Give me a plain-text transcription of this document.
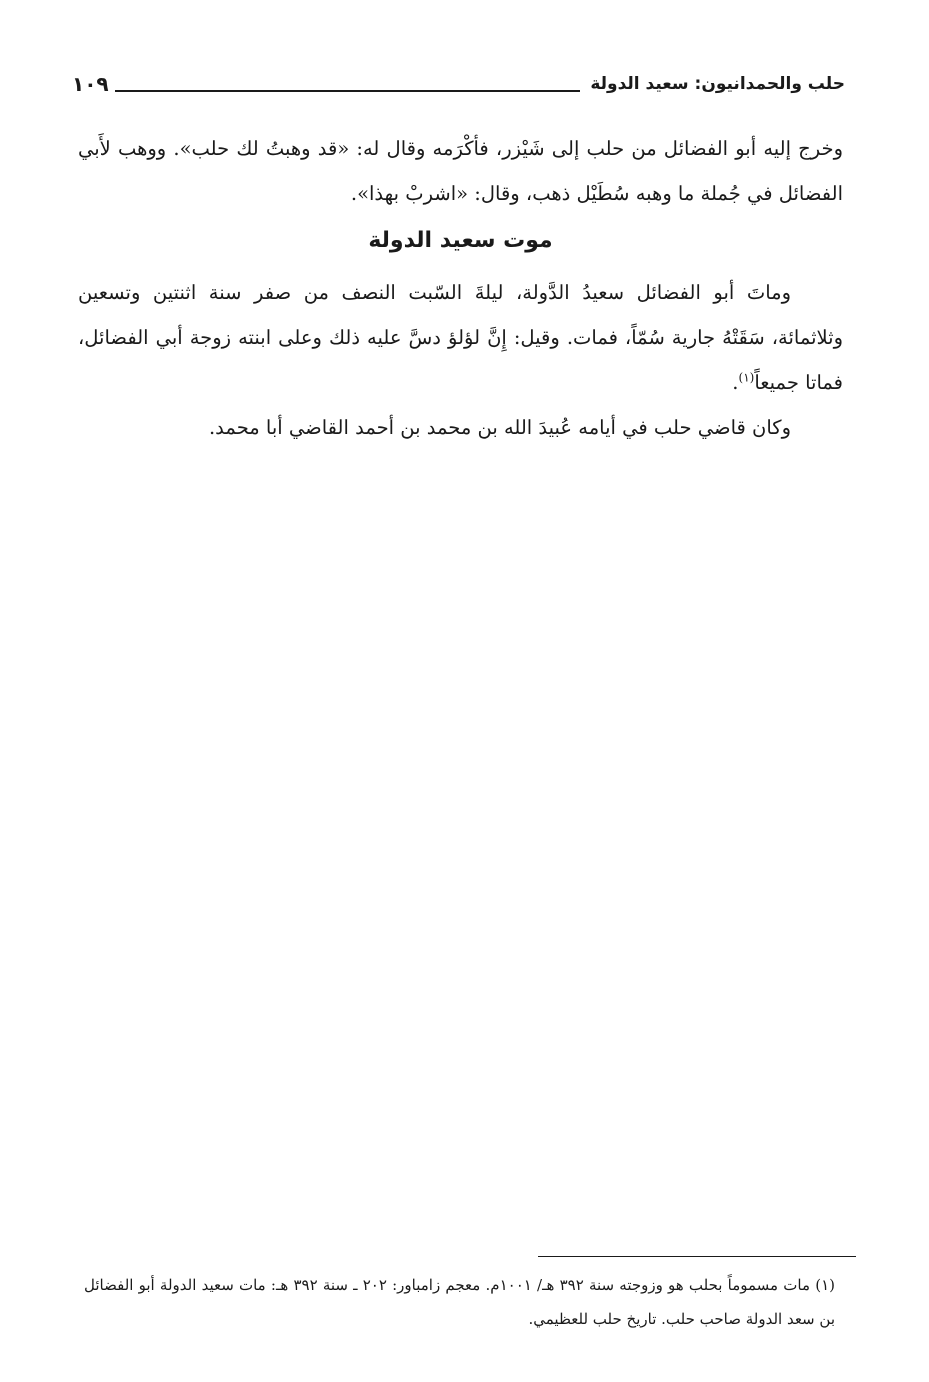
حلب والحمدانيون: سعيد الدولة
١٠٩

وخرج إليه أبو الفضائل من حلب إلى شَيْزر، فأكْرَمه وقال له: «قد وهبتُ لك حلب». ووهب لأَبي الفضائل في جُملة ما وهبه سُطَيْل ذهب، وقال: «اشربْ بهذا».

موت سعيد الدولة

وماتَ أبو الفضائل سعيدُ الدَّولة، ليلةَ السّبت النصف من صفر سنة اثنتين وتسعين وثلاثمائة، سَقَتْهُ جارية سُمّاً، فمات. وقيل: إِنَّ لؤلؤ دسَّ عليه ذلك وعلى ابنته زوجة أبي الفضائل، فماتا جميعاً$^{(١)}$.

وكان قاضي حلب في أيامه عُبيدَ الله بن محمد بن أحمد القاضي أبا محمد.

(١) مات مسموماً بحلب هو وزوجته سنة ٣٩٢ هـ/ ١٠٠١م. معجم زامباور: ٢٠٢ ـ سنة ٣٩٢ هـ: مات سعيد الدولة أبو الفضائل بن سعد الدولة صاحب حلب. تاريخ حلب للعظيمي.
